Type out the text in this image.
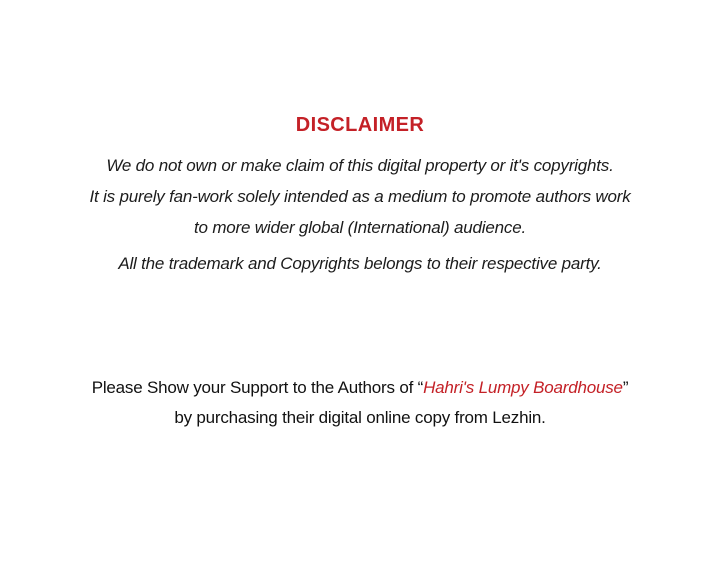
DISCLAIMER
We do not own or make claim of this digital property or it's copyrights.
It is purely fan-work solely intended as a medium to promote authors work
to more wider global (International) audience.
All the trademark and Copyrights belongs to their respective party.
Please Show your Support to the Authors of “Hahri's Lumpy Boardhouse”
by purchasing their digital online copy from Lezhin.
